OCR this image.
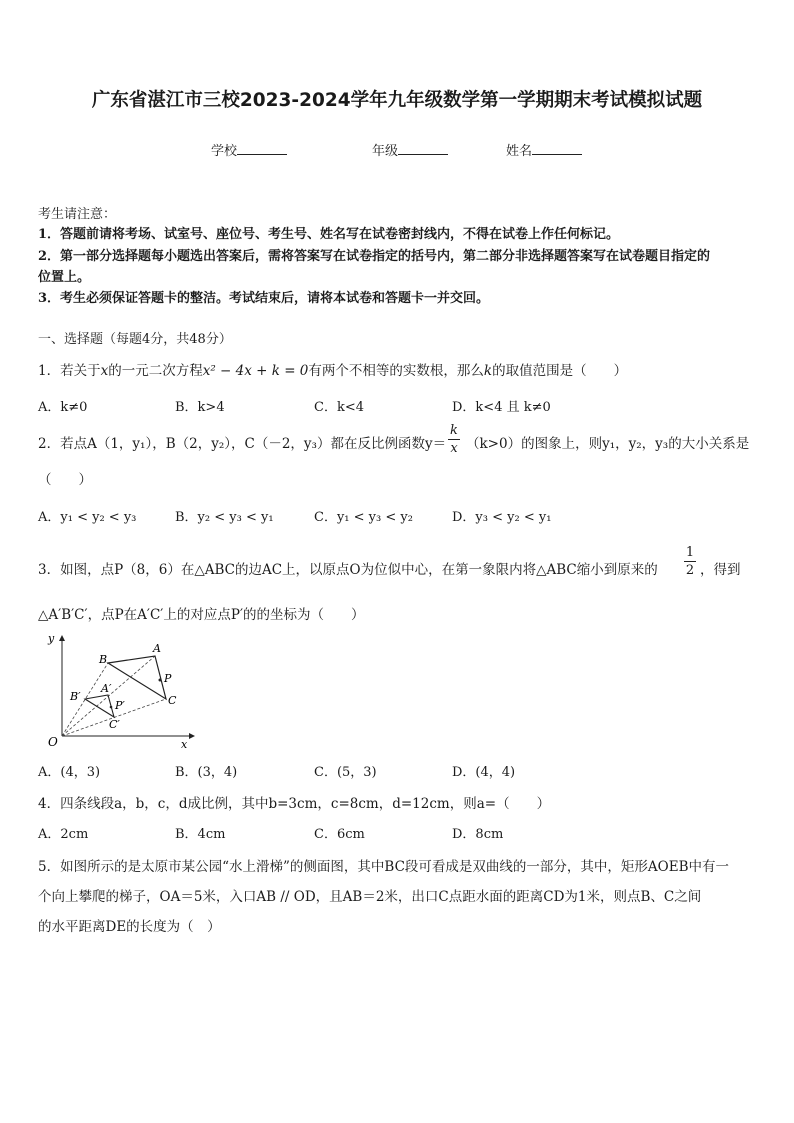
广东省湛江市三校2023-2024学年九年级数学第一学期期末考试模拟试题
学校	年级	姓名
考生请注意：
1．答题前请将考场、试室号、座位号、考生号、姓名写在试卷密封线内，不得在试卷上作任何标记。
2．第一部分选择题每小题选出答案后，需将答案写在试卷指定的括号内，第二部分非选择题答案写在试卷题目指定的
位置上。
3．考生必须保证答题卡的整洁。考试结束后，请将本试卷和答题卡一并交回。
一、选择题（每题4分，共48分）
1．若关于x的一元二次方程x² − 4x + k = 0有两个不相等的实数根，那么k的取值范围是（　　）
A．k≠0	B．k>4	C．k<4	D．k<4 且 k≠0
2．若点A（1，y₁），B（2，y₂），C（－2，y₃）都在反比例函数y＝
k
x （k>0）的图象上，则y₁，y₂，y₃的大小关系是
（　　）
A．y₁ < y₂ < y₃	B．y₂ < y₃ < y₁	C．y₁ < y₃ < y₂	D．y₃ < y₂ < y₁
3．如图，点P（8，6）在△ABC的边AC上，以原点O为位似中心，在第一象限内将△ABC缩小到原来的
1
2 ，得到
△A′B′C′，点P在A′C′上的对应点P′的的坐标为（　　）
y
x
O
B
A
C
P
B′
A′
P′
C′
A．(4，3)	B．(3，4)	C．(5，3)	D．(4，4)
4．四条线段a，b，c，d成比例，其中b=3cm，c=8cm，d=12cm，则a=（　　）
A．2cm	B．4cm	C．6cm	D．8cm
5．如图所示的是太原市某公园“水上滑梯”的侧面图，其中BC段可看成是双曲线的一部分，其中，矩形AOEB中有一
个向上攀爬的梯子，OA＝5米，入口AB // OD，且AB＝2米，出口C点距水面的距离CD为1米，则点B、C之间
的水平距离DE的长度为（　）
